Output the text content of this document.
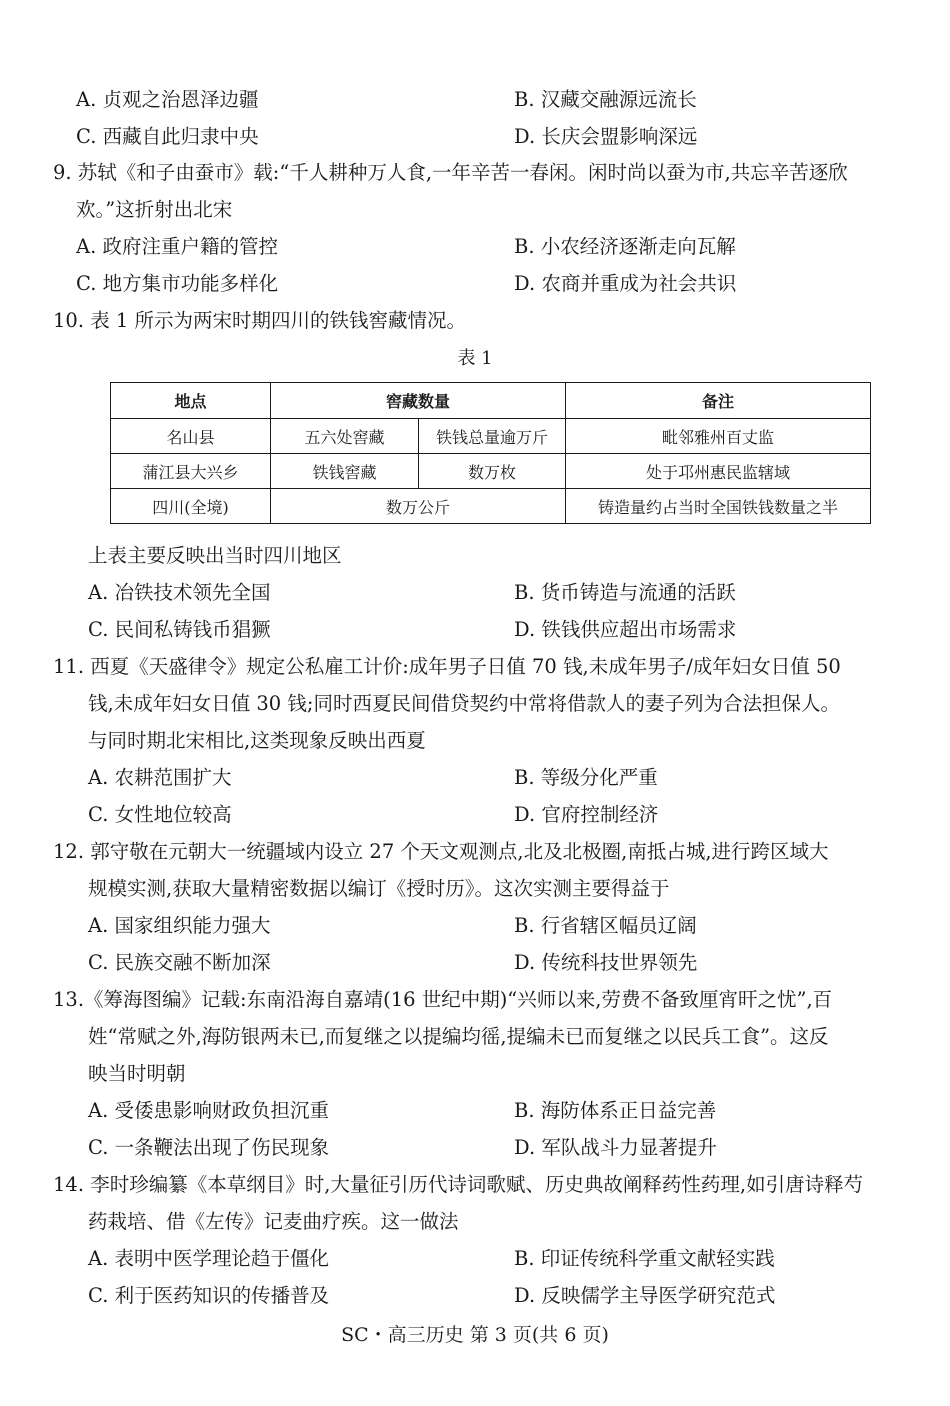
A. 贞观之治恩泽边疆	B. 汉藏交融源远流长
C. 西藏自此归隶中央	D. 长庆会盟影响深远
9. 苏轼《和子由蚕市》载:“千人耕种万人食,一年辛苦一春闲。闲时尚以蚕为市,共忘辛苦逐欣
欢。”这折射出北宋
A. 政府注重户籍的管控	B. 小农经济逐渐走向瓦解
C. 地方集市功能多样化	D. 农商并重成为社会共识
10. 表 1 所示为两宋时期四川的铁钱窖藏情况。
表 1
地点	窖藏数量		备注
名山县	五六处窖藏	铁钱总量逾万斤	毗邻雅州百丈监
蒲江县大兴乡	铁钱窖藏	数万枚	处于邛州惠民监辖域
四川(全境)	数万公斤		铸造量约占当时全国铁钱数量之半
上表主要反映出当时四川地区
A. 冶铁技术领先全国	B. 货币铸造与流通的活跃
C. 民间私铸钱币猖獗	D. 铁钱供应超出市场需求
11. 西夏《天盛律令》规定公私雇工计价:成年男子日值 70 钱,未成年男子/成年妇女日值 50
钱,未成年妇女日值 30 钱;同时西夏民间借贷契约中常将借款人的妻子列为合法担保人。
与同时期北宋相比,这类现象反映出西夏
A. 农耕范围扩大	B. 等级分化严重
C. 女性地位较高	D. 官府控制经济
12. 郭守敬在元朝大一统疆域内设立 27 个天文观测点,北及北极圈,南抵占城,进行跨区域大
规模实测,获取大量精密数据以编订《授时历》。这次实测主要得益于
A. 国家组织能力强大	B. 行省辖区幅员辽阔
C. 民族交融不断加深	D. 传统科技世界领先
13.《筹海图编》记载:东南沿海自嘉靖(16 世纪中期)“兴师以来,劳费不备致厘宵旰之忧”,百
姓“常赋之外,海防银两未已,而复继之以提编均徭,提编未已而复继之以民兵工食”。这反
映当时明朝
A. 受倭患影响财政负担沉重	B. 海防体系正日益完善
C. 一条鞭法出现了伤民现象	D. 军队战斗力显著提升
14. 李时珍编纂《本草纲目》时,大量征引历代诗词歌赋、历史典故阐释药性药理,如引唐诗释芍
药栽培、借《左传》记麦曲疗疾。这一做法
A. 表明中医学理论趋于僵化	B. 印证传统科学重文献轻实践
C. 利于医药知识的传播普及	D. 反映儒学主导医学研究范式
SC・高三历史 第 3 页(共 6 页)
